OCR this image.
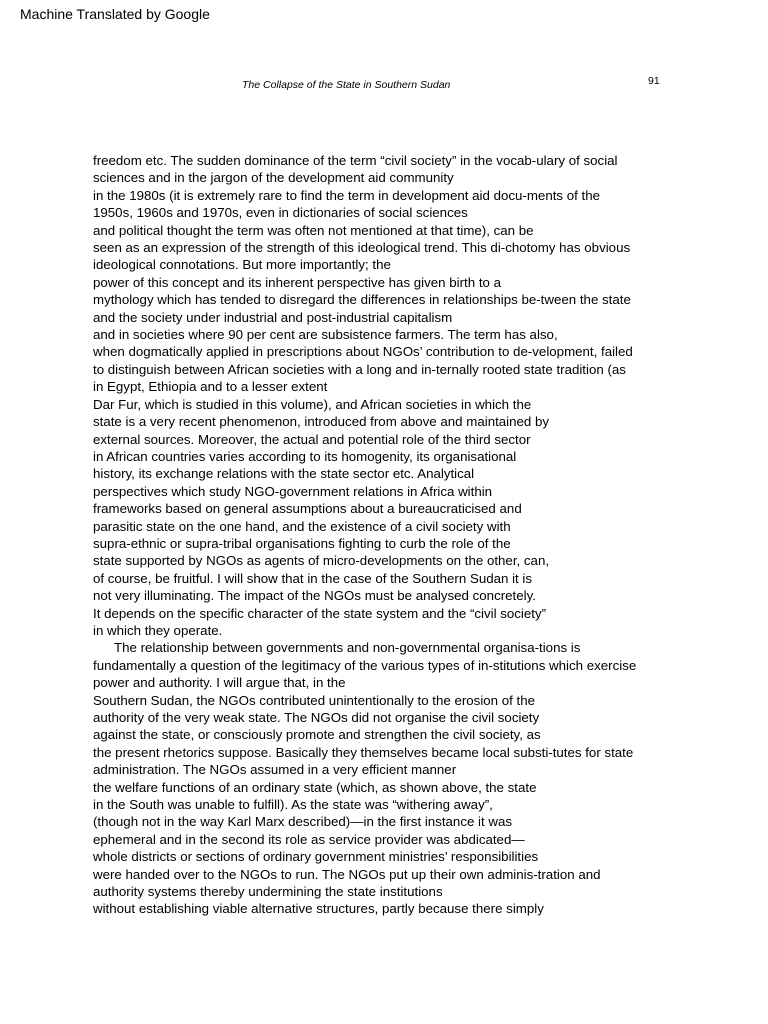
Machine Translated by Google
The Collapse of the State in Southern Sudan	91
freedom etc. The sudden dominance of the term “civil society” in the vocab-ulary of social
sciences and in the jargon of the development aid community
in the 1980s (it is extremely rare to find the term in development aid docu-ments of the
1950s, 1960s and 1970s, even in dictionaries of social sciences
and political thought the term was often not mentioned at that time), can be
seen as an expression of the strength of this ideological trend. This di-chotomy has obvious
ideological connotations. But more importantly; the
power of this concept and its inherent perspective has given birth to a
mythology which has tended to disregard the differences in relationships be-tween the state
and the society under industrial and post-industrial capitalism
and in societies where 90 per cent are subsistence farmers. The term has also,
when dogmatically applied in prescriptions about NGOs’ contribution to de-velopment, failed
to distinguish between African societies with a long and in-ternally rooted state tradition (as
in Egypt, Ethiopia and to a lesser extent
Dar Fur, which is studied in this volume), and African societies in which the
state is a very recent phenomenon, introduced from above and maintained by
external sources. Moreover, the actual and potential role of the third sector
in African countries varies according to its homogenity, its organisational
history, its exchange relations with the state sector etc. Analytical
perspectives which study NGO-government relations in Africa within
frameworks based on general assumptions about a bureaucraticised and
parasitic state on the one hand, and the existence of a civil society with
supra-ethnic or supra-tribal organisations fighting to curb the role of the
state supported by NGOs as agents of micro-developments on the other, can,
of course, be fruitful. I will show that in the case of the Southern Sudan it is
not very illuminating. The impact of the NGOs must be analysed concretely.
It depends on the specific character of the state system and the “civil society”
in which they operate.
The relationship between governments and non-governmental organisa-tions is
fundamentally a question of the legitimacy of the various types of in-stitutions which exercise
power and authority. I will argue that, in the
Southern Sudan, the NGOs contributed unintentionally to the erosion of the
authority of the very weak state. The NGOs did not organise the civil society
against the state, or consciously promote and strengthen the civil society, as
the present rhetorics suppose. Basically they themselves became local substi-tutes for state
administration. The NGOs assumed in a very efficient manner
the welfare functions of an ordinary state (which, as shown above, the state
in the South was unable to fulfill). As the state was “withering away”,
(though not in the way Karl Marx described)—in the first instance it was
ephemeral and in the second its role as service provider was abdicated—
whole districts or sections of ordinary government ministries’ responsibilities
were handed over to the NGOs to run. The NGOs put up their own adminis-tration and
authority systems thereby undermining the state institutions
without establishing viable alternative structures, partly because there simply
